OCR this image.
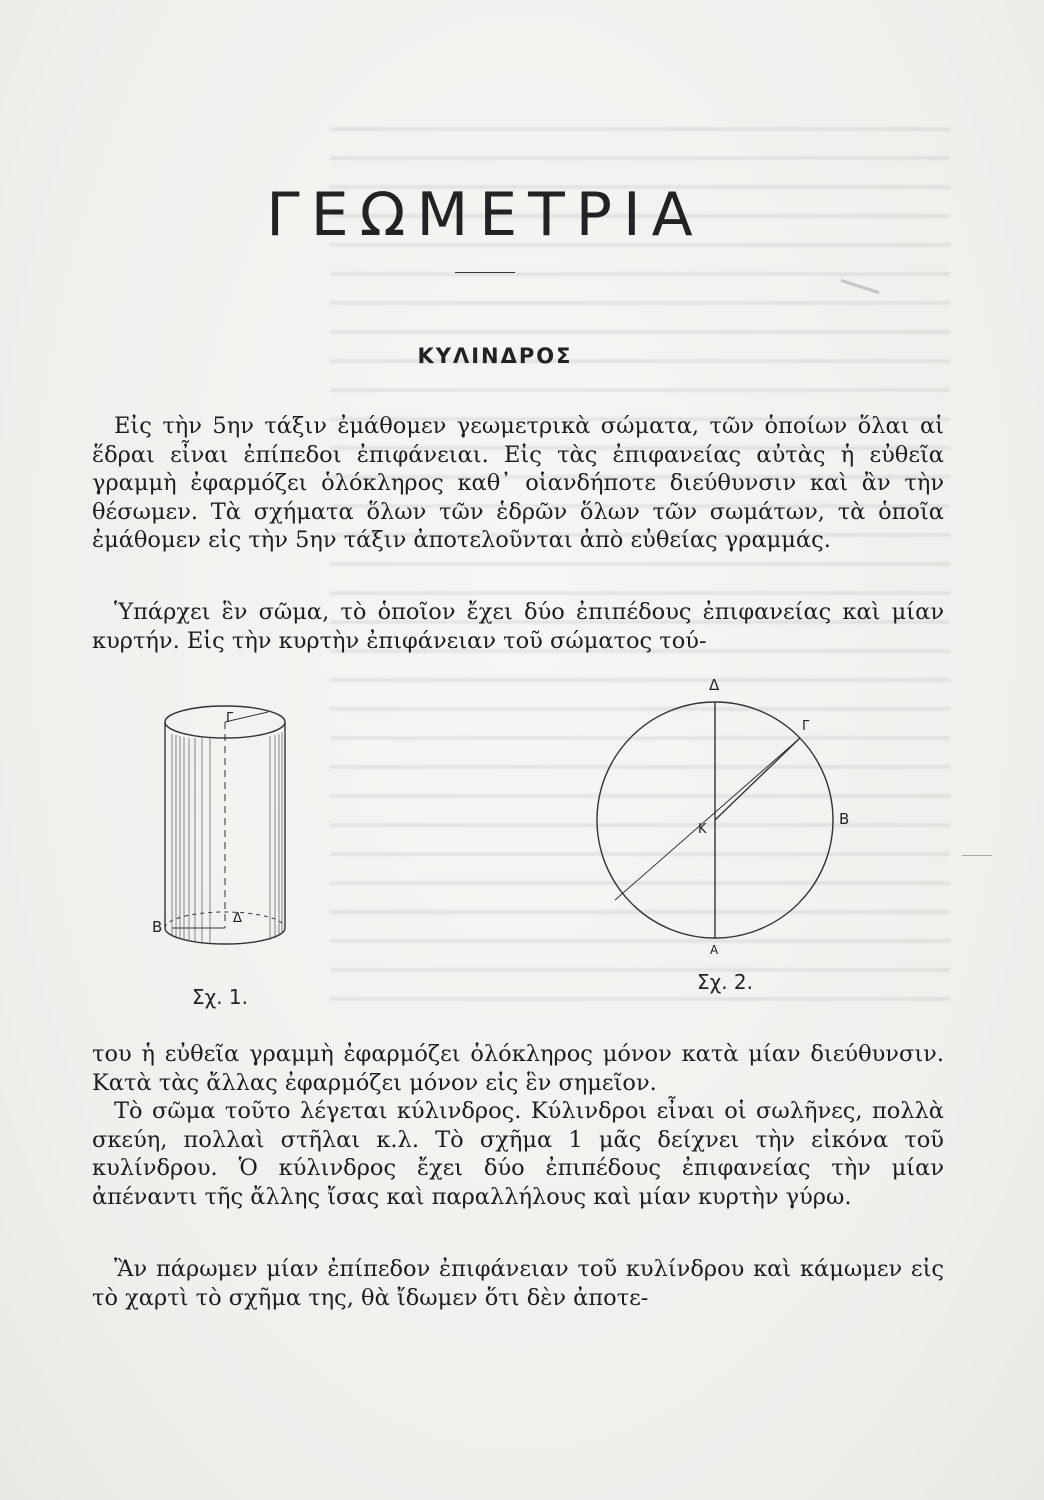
ΓΕΩΜΕΤΡΙΑ
ΚΥΛΙΝΔΡΟΣ

Εἰς τὴν 5ην τάξιν ἐμάθομεν γεωμετρικὰ σώματα, τῶν ὁποίων ὅλαι αἱ ἕδραι εἶναι ἐπίπεδοι ἐπιφάνειαι. Εἰς τὰς ἐπιφανείας αὐτὰς ἡ εὐθεῖα γραμμὴ ἐφαρμόζει ὁλόκληρος καθ᾽ οἱανδήποτε διεύθυνσιν καὶ ἂν τὴν θέσωμεν. Τὰ σχήματα ὅλων τῶν ἑδρῶν ὅλων τῶν σωμάτων, τὰ ὁποῖα ἐμάθομεν εἰς τὴν 5ην τάξιν ἀποτελοῦνται ἀπὸ εὐθείας γραμμάς.

Ὑπάρχει ἓν σῶμα, τὸ ὁποῖον ἔχει δύο ἐπιπέδους ἐπιφανείας καὶ μίαν κυρτήν. Εἰς τὴν κυρτὴν ἐπιφάνειαν τοῦ σώματος τού-

Γ
Β	Δ

Σχ. 1.

Δ
Γ
Β
Κ
Α

Σχ. 2.

του ἡ εὐθεῖα γραμμὴ ἐφαρμόζει ὁλόκληρος μόνον κατὰ μίαν διεύθυνσιν. Κατὰ τὰς ἄλλας ἐφαρμόζει μόνον εἰς ἓν σημεῖον.

Τὸ σῶμα τοῦτο λέγεται κύλινδρος. Κύλινδροι εἶναι οἱ σωλῆνες, πολλὰ σκεύη, πολλαὶ στῆλαι κ.λ. Τὸ σχῆμα 1 μᾶς δείχνει τὴν εἰκόνα τοῦ κυλίνδρου. Ὁ κύλινδρος ἔχει δύο ἐπιπέδους ἐπιφανείας τὴν μίαν ἀπέναντι τῆς ἄλλης ἴσας καὶ παραλλήλους καὶ μίαν κυρτὴν γύρω.

Ἂν πάρωμεν μίαν ἐπίπεδον ἐπιφάνειαν τοῦ κυλίνδρου καὶ κάμωμεν εἰς τὸ χαρτὶ τὸ σχῆμα της, θὰ ἴδωμεν ὅτι δὲν ἀποτε-
